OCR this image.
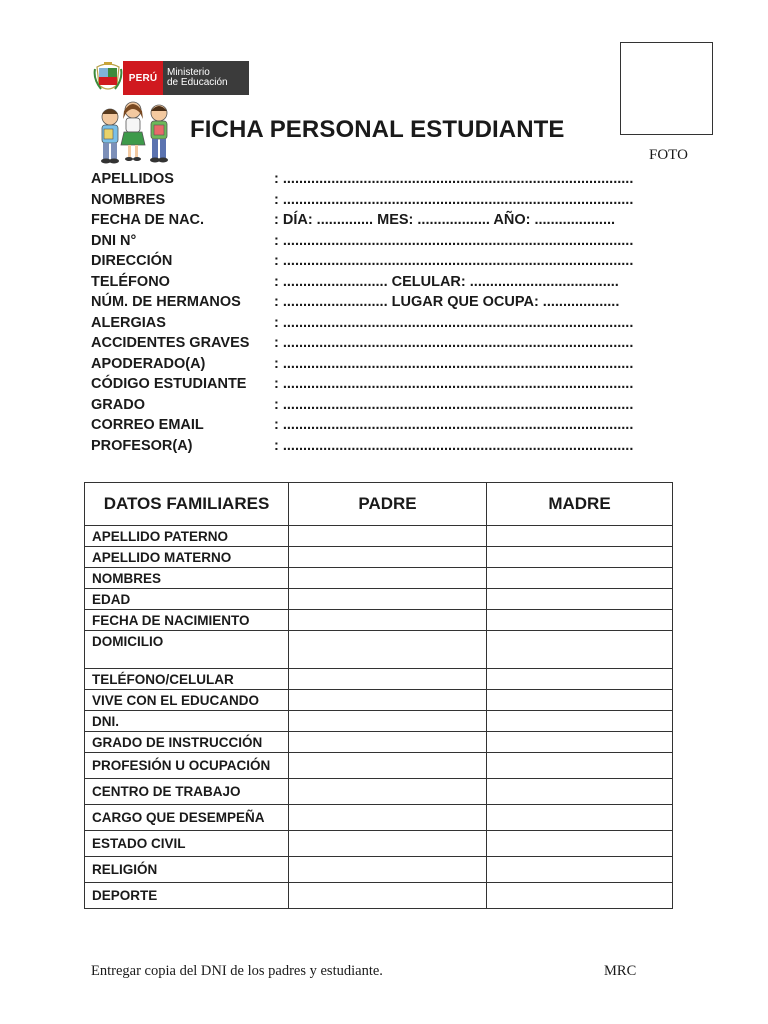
PERÚ Ministerio
de Educación
FICHA PERSONAL ESTUDIANTE
FOTO
APELLIDOS	: .......................................................................................
NOMBRES	: .......................................................................................
FECHA DE NAC.	: DÍA: .............. MES: .................. AÑO: ....................
DNI N°	: .......................................................................................
DIRECCIÓN	: .......................................................................................
TELÉFONO	: .......................... CELULAR: .....................................
NÚM. DE HERMANOS : .......................... LUGAR QUE OCUPA: ...................
ALERGIAS	: .......................................................................................
ACCIDENTES GRAVES : .......................................................................................
APODERADO(A)	: .......................................................................................
CÓDIGO ESTUDIANTE : .......................................................................................
GRADO	: .......................................................................................
CORREO EMAIL	: .......................................................................................
PROFESOR(A)	: .......................................................................................
DATOS FAMILIARES	PADRE	MADRE
APELLIDO PATERNO		
APELLIDO MATERNO		
NOMBRES		
EDAD		
FECHA DE NACIMIENTO		
DOMICILIO		
TELÉFONO/CELULAR		
VIVE CON EL EDUCANDO		
DNI.		
GRADO DE INSTRUCCIÓN		
PROFESIÓN U OCUPACIÓN		
CENTRO DE TRABAJO		
CARGO QUE DESEMPEÑA		
ESTADO CIVIL		
RELIGIÓN		
DEPORTE		
Entregar copia del DNI de los padres y estudiante.	MRC
